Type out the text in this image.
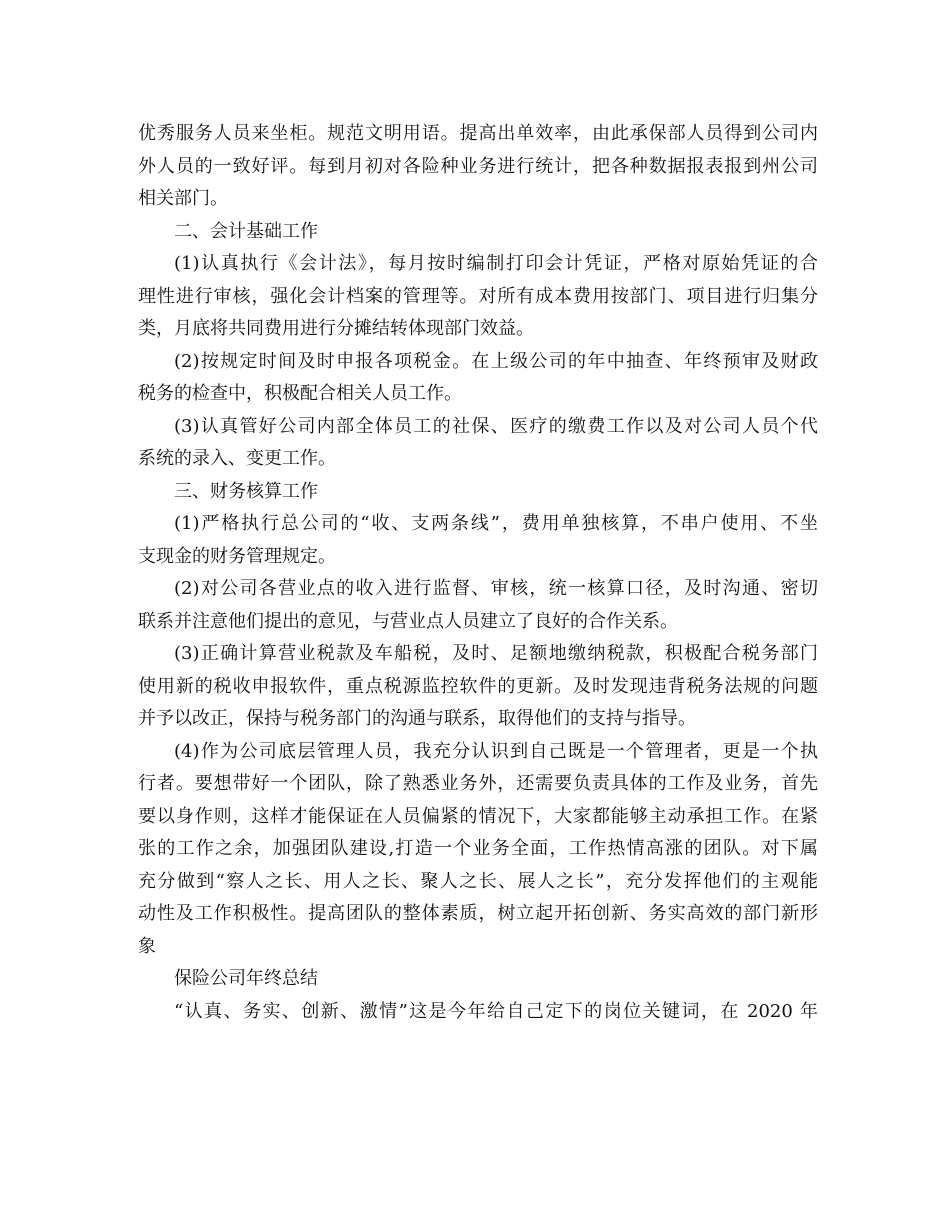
优秀服务人员来坐柜。规范文明用语。提高出单效率，由此承保部人员得到公司内
外人员的一致好评。每到月初对各险种业务进行统计，把各种数据报表报到州公司
相关部门。
二、会计基础工作
(1)认真执行《会计法》，每月按时编制打印会计凭证，严格对原始凭证的合
理性进行审核，强化会计档案的管理等。对所有成本费用按部门、项目进行归集分
类，月底将共同费用进行分摊结转体现部门效益。
(2)按规定时间及时申报各项税金。在上级公司的年中抽查、年终预审及财政
税务的检查中，积极配合相关人员工作。
(3)认真管好公司内部全体员工的社保、医疗的缴费工作以及对公司人员个代
系统的录入、变更工作。
三、财务核算工作
(1)严格执行总公司的“收、支两条线”，费用单独核算，不串户使用、不坐
支现金的财务管理规定。
(2)对公司各营业点的收入进行监督、审核，统一核算口径，及时沟通、密切
联系并注意他们提出的意见，与营业点人员建立了良好的合作关系。
(3)正确计算营业税款及车船税，及时、足额地缴纳税款，积极配合税务部门
使用新的税收申报软件，重点税源监控软件的更新。及时发现违背税务法规的问题
并予以改正，保持与税务部门的沟通与联系，取得他们的支持与指导。
(4)作为公司底层管理人员，我充分认识到自己既是一个管理者，更是一个执
行者。要想带好一个团队，除了熟悉业务外，还需要负责具体的工作及业务，首先
要以身作则，这样才能保证在人员偏紧的情况下，大家都能够主动承担工作。在紧
张的工作之余，加强团队建设,打造一个业务全面，工作热情高涨的团队。对下属
充分做到“察人之长、用人之长、聚人之长、展人之长”，充分发挥他们的主观能
动性及工作积极性。提高团队的整体素质，树立起开拓创新、务实高效的部门新形
象
保险公司年终总结
“认真、务实、创新、激情”这是今年给自己定下的岗位关键词，在 2020 年
